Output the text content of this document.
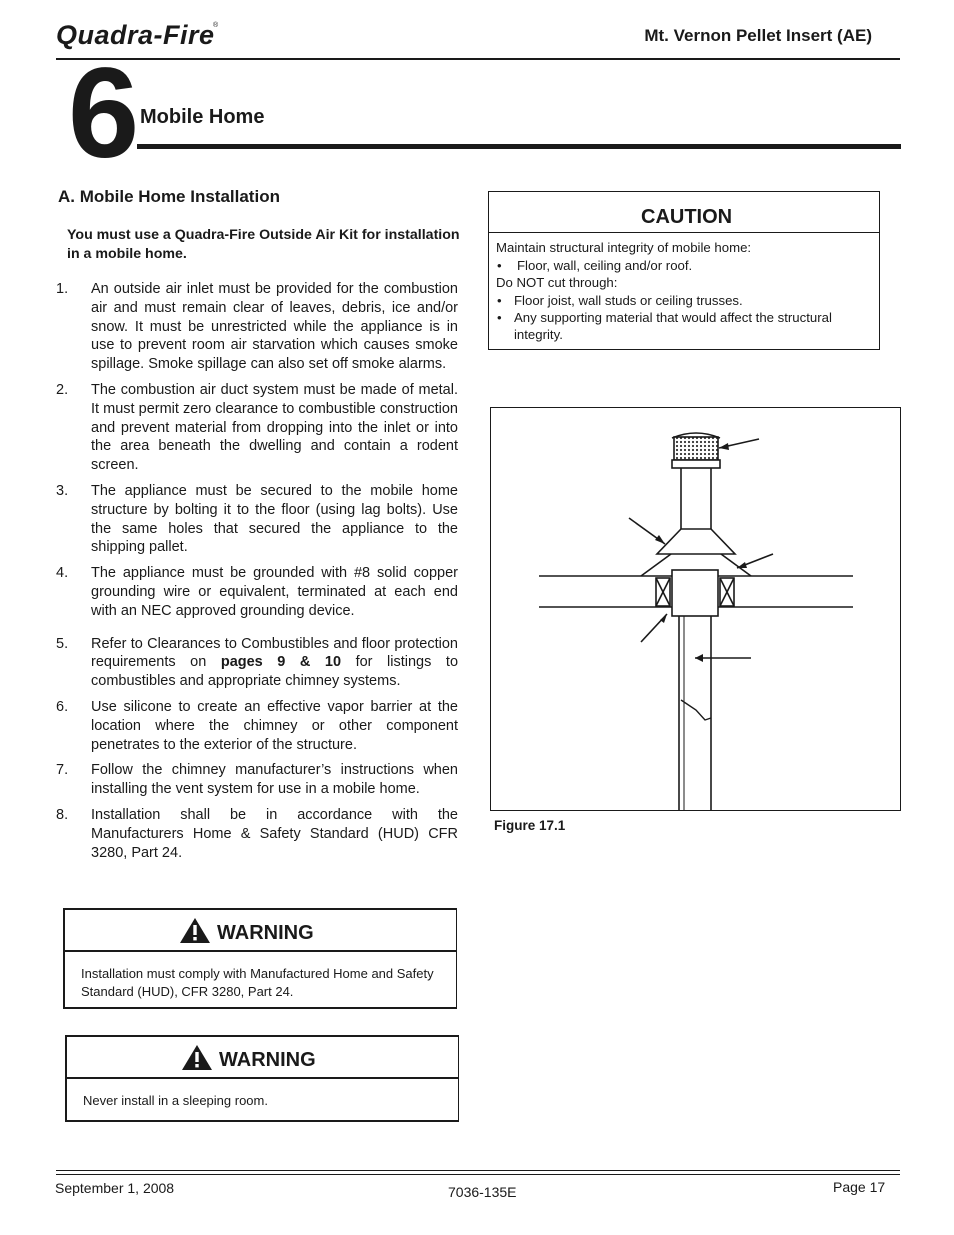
Quadra-Fire
®
Mt. Vernon Pellet Insert (AE)
6 Mobile Home
A. Mobile Home Installation
You must use a Quadra-Fire Outside Air Kit for installation in a mobile home.
1.	An outside air inlet must be provided for the combustion air and must remain clear of leaves, debris, ice and/or snow. It must be unrestricted while the appliance is in use to prevent room air starvation which causes smoke spillage. Smoke spillage can also set off smoke alarms.
2.	The combustion air duct system must be made of metal. It must permit zero clearance to combustible construction and prevent material from dropping into the inlet or into the area beneath the dwelling and contain a rodent screen.
3.	The appliance must be secured to the mobile home structure by bolting it to the floor (using lag bolts). Use the same holes that secured the appliance to the shipping pallet.
4.	The appliance must be grounded with #8 solid copper grounding wire or equivalent, terminated at each end with an NEC approved grounding device.
5.	Refer to Clearances to Combustibles and floor protection requirements on pages 9 & 10 for listings to combustibles and appropriate chimney systems.
6.	Use silicone to create an effective vapor barrier at the location where the chimney or other component penetrates to the exterior of the structure.
7.	Follow the chimney manufacturer’s instructions when installing the vent system for use in a mobile home.
8.	Installation shall be in accordance with the Manufacturers Home & Safety Standard (HUD) CFR 3280, Part 24.
CAUTION
Maintain structural integrity of mobile home:
• Floor, wall, ceiling and/or roof.
Do NOT cut through:
• Floor joist, wall studs or ceiling trusses.
• Any supporting material that would affect the structural integrity.
Figure 17.1
WARNING
Installation must comply with Manufactured Home and Safety Standard (HUD), CFR 3280, Part 24.
WARNING
Never install in a sleeping room.
September 1, 2008	7036-135E	Page 17
